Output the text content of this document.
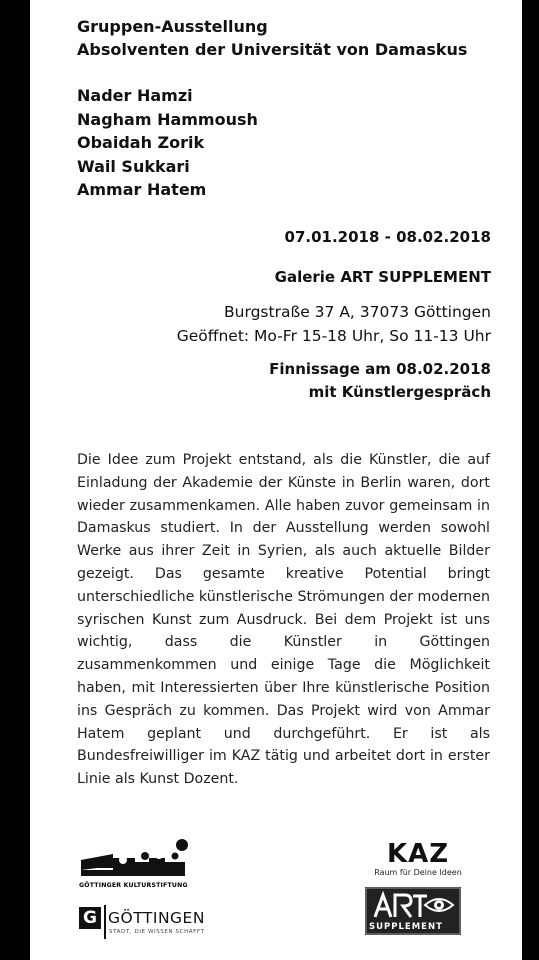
Gruppen-Ausstellung
Absolventen der Universität von Damaskus
Nader Hamzi
Nagham Hammoush
Obaidah Zorik
Wail Sukkari
Ammar Hatem
07.01.2018 - 08.02.2018
Galerie ART SUPPLEMENT
Burgstraße 37 A, 37073 Göttingen
Geöffnet: Mo-Fr 15-18 Uhr, So 11-13 Uhr
Finnissage am 08.02.2018
mit Künstlergespräch

Die Idee zum Projekt entstand, als die Künstler, die auf Einladung der Akademie der Künste in Berlin waren, dort wieder zusammenkamen. Alle haben zuvor gemeinsam in Damaskus studiert. In der Ausstellung werden sowohl Werke aus ihrer Zeit in Syrien, als auch aktuelle Bilder gezeigt. Das gesamte kreative Potential bringt unterschiedliche künstlerische Strömungen der modernen syrischen Kunst zum Ausdruck. Bei dem Projekt ist uns wichtig, dass die Künstler in Göttingen zusammenkommen und einige Tage die Möglichkeit haben, mit Interessierten über Ihre künstlerische Position ins Gespräch zu kommen. Das Projekt wird von Ammar Hatem geplant und durchgeführt. Er ist als Bundesfreiwilliger im KAZ tätig und arbeitet dort in erster Linie als Kunst Dozent.

GÖTTINGER KULTURSTIFTUNG
G GÖTTINGEN
STADT, DIE WISSEN SCHAFFT
KAZ
Raum für Deine Ideen
SUPPLEMENT
